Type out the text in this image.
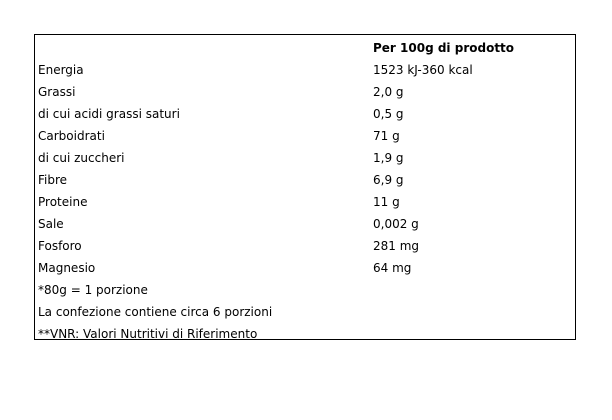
Per 100g di prodotto
Energia	1523 kJ-360 kcal
Grassi	2,0 g
di cui acidi grassi saturi	0,5 g
Carboidrati	71 g
di cui zuccheri	1,9 g
Fibre	6,9 g
Proteine	11 g
Sale	0,002 g
Fosforo	281 mg
Magnesio	64 mg
*80g = 1 porzione
La confezione contiene circa 6 porzioni
**VNR: Valori Nutritivi di Riferimento
